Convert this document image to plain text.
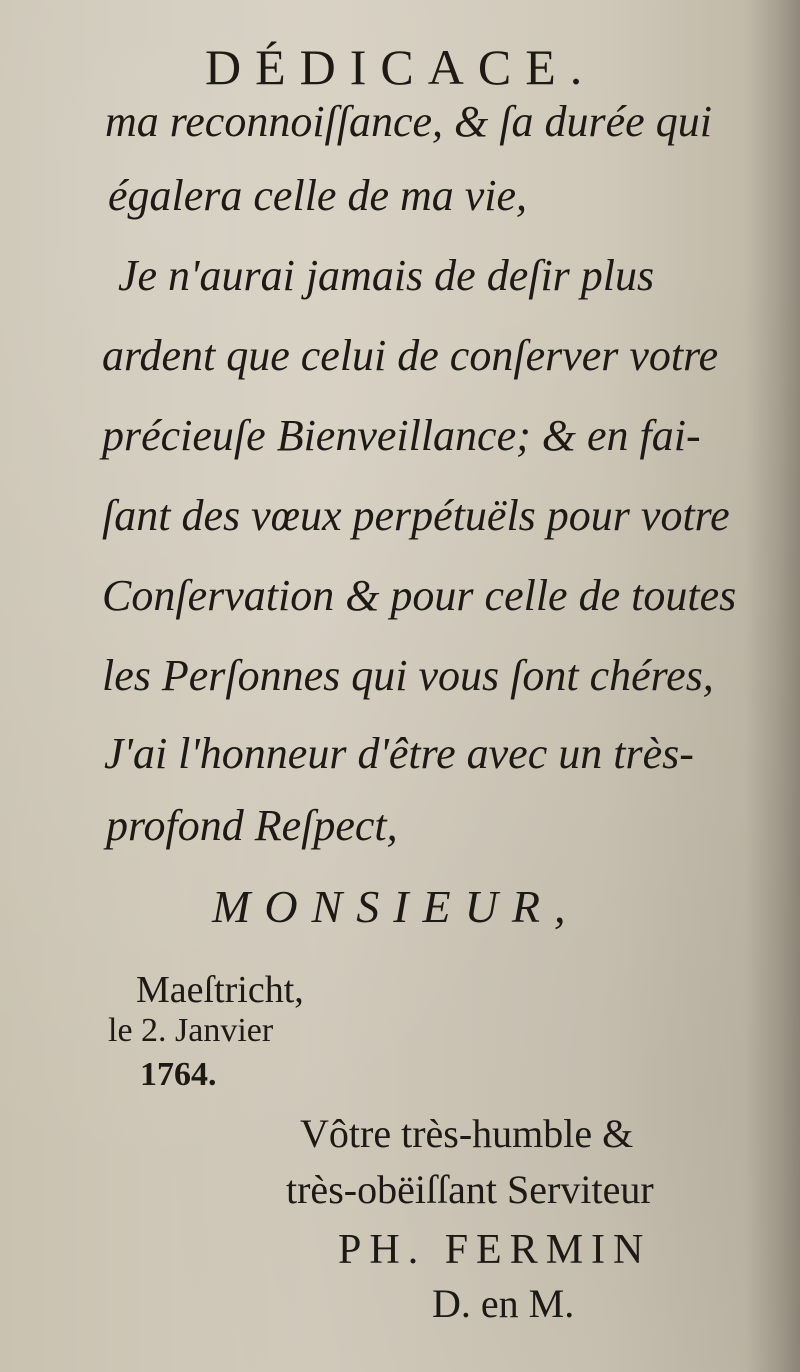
DÉDICACE.
ma reconnoiſſance, & ſa durée qui
égalera celle de ma vie,
Je n'aurai jamais de deſir plus
ardent que celui de conſerver votre
précieuſe Bienveillance; & en fai-
ſant des vœux perpétuëls pour votre
Conſervation & pour celle de toutes
les Perſonnes qui vous ſont chéres,
J'ai l'honneur d'être avec un très-
profond Reſpect,
MONSIEUR,
Maeſtricht,
le 2. Janvier
1764.
Vôtre très-humble &
très-obëiſſant Serviteur
PH. FERMIN
D. en M.
